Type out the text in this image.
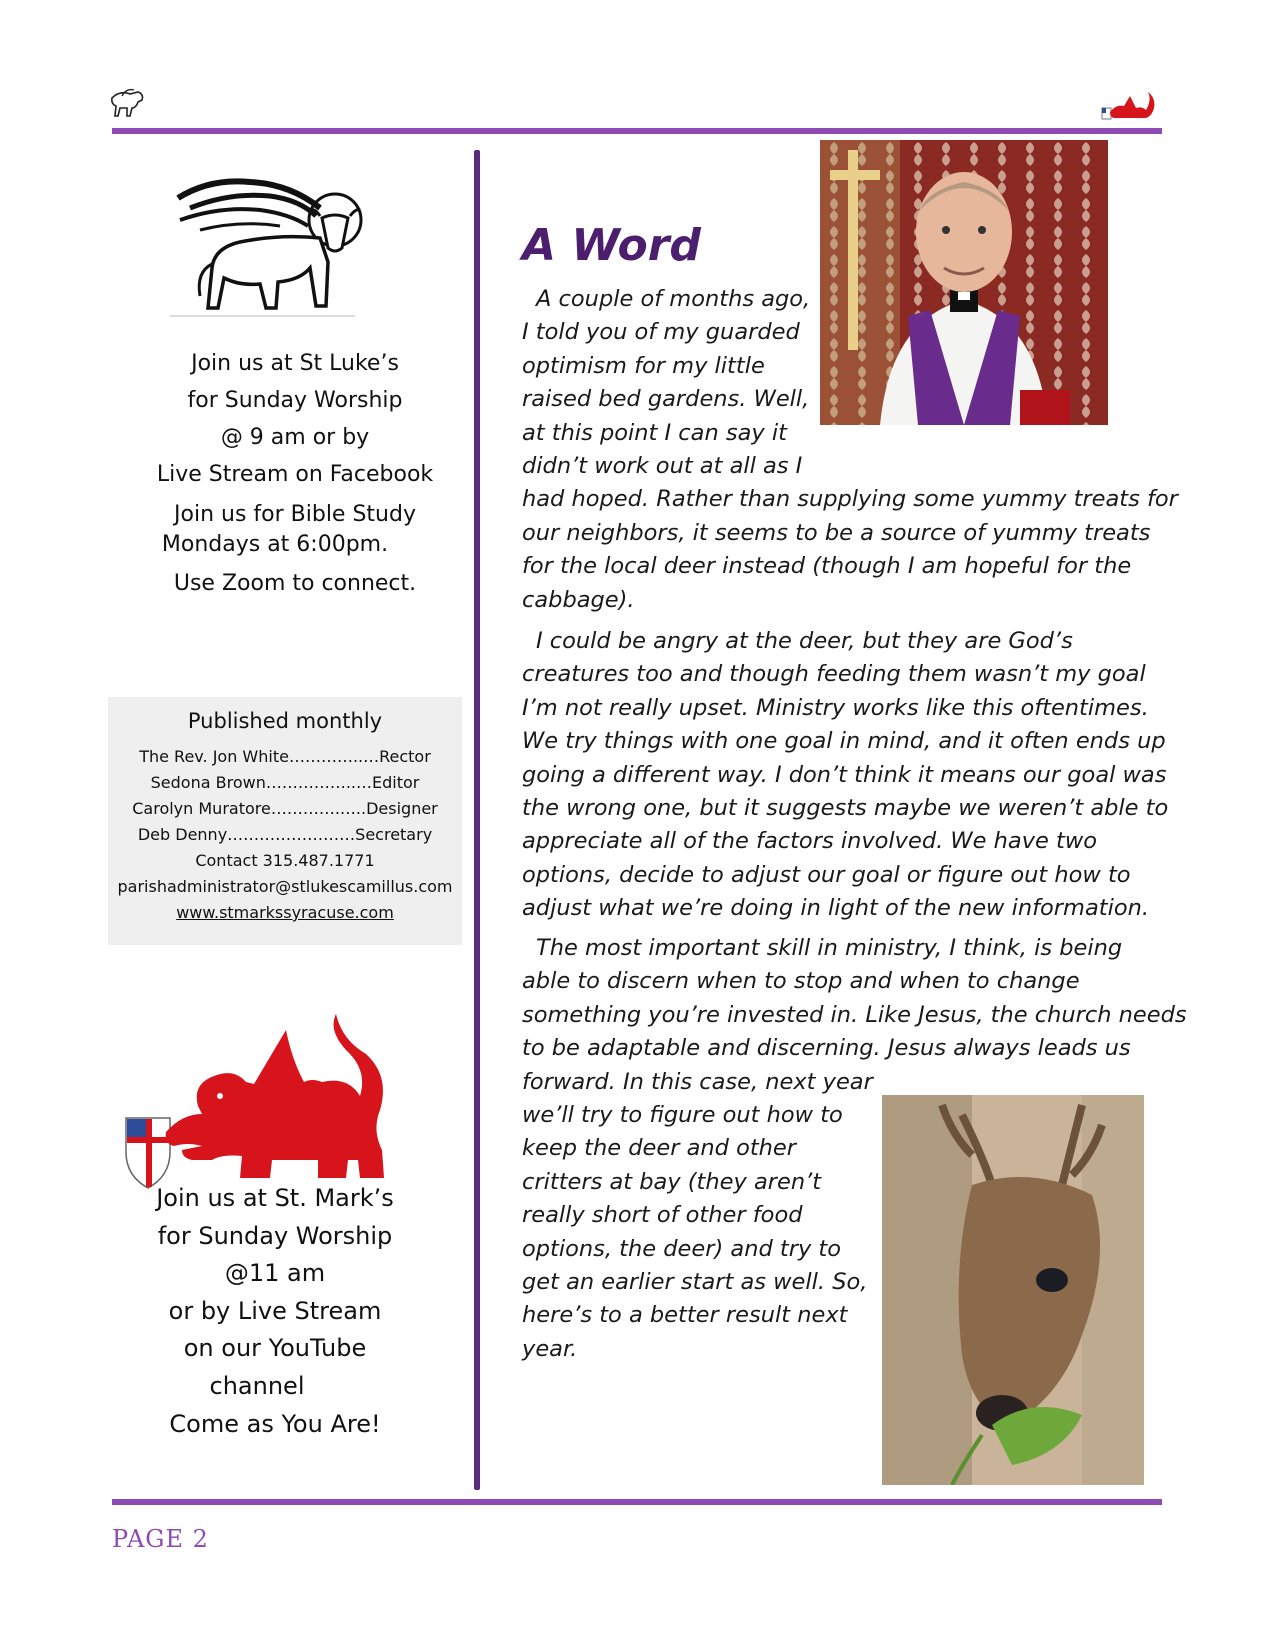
Join us at St Luke’s
for Sunday Worship
@ 9 am or by
Live Stream on Facebook
Join us for Bible Study
Mondays at 6:00pm.
Use Zoom to connect.
Published monthly
The Rev. Jon White…………..…Rector
Sedona Brown……………..…Editor
Carolyn Muratore………….…..Designer
Deb Denny……………………Secretary
Contact 315.487.1771
parishadministrator@stlukescamillus.com
www.stmarkssyracuse.com
Join us at St. Mark’s
for Sunday Worship
@11 am
or by Live Stream
on our YouTube
channel
Come as You Are!
A Word
A couple of months ago,
I told you of my guarded
optimism for my little
raised bed gardens. Well,
at this point I can say it
didn’t work out at all as I
had hoped. Rather than supplying some yummy treats for
our neighbors, it seems to be a source of yummy treats
for the local deer instead (though I am hopeful for the
cabbage).
I could be angry at the deer, but they are God’s
creatures too and though feeding them wasn’t my goal
I’m not really upset. Ministry works like this oftentimes.
We try things with one goal in mind, and it often ends up
going a different way. I don’t think it means our goal was
the wrong one, but it suggests maybe we weren’t able to
appreciate all of the factors involved. We have two
options, decide to adjust our goal or figure out how to
adjust what we’re doing in light of the new information.
The most important skill in ministry, I think, is being
able to discern when to stop and when to change
something you’re invested in. Like Jesus, the church needs
to be adaptable and discerning. Jesus always leads us
forward. In this case, next year
we’ll try to figure out how to
keep the deer and other
critters at bay (they aren’t
really short of other food
options, the deer) and try to
get an earlier start as well. So,
here’s to a better result next
year.
PAGE 2
